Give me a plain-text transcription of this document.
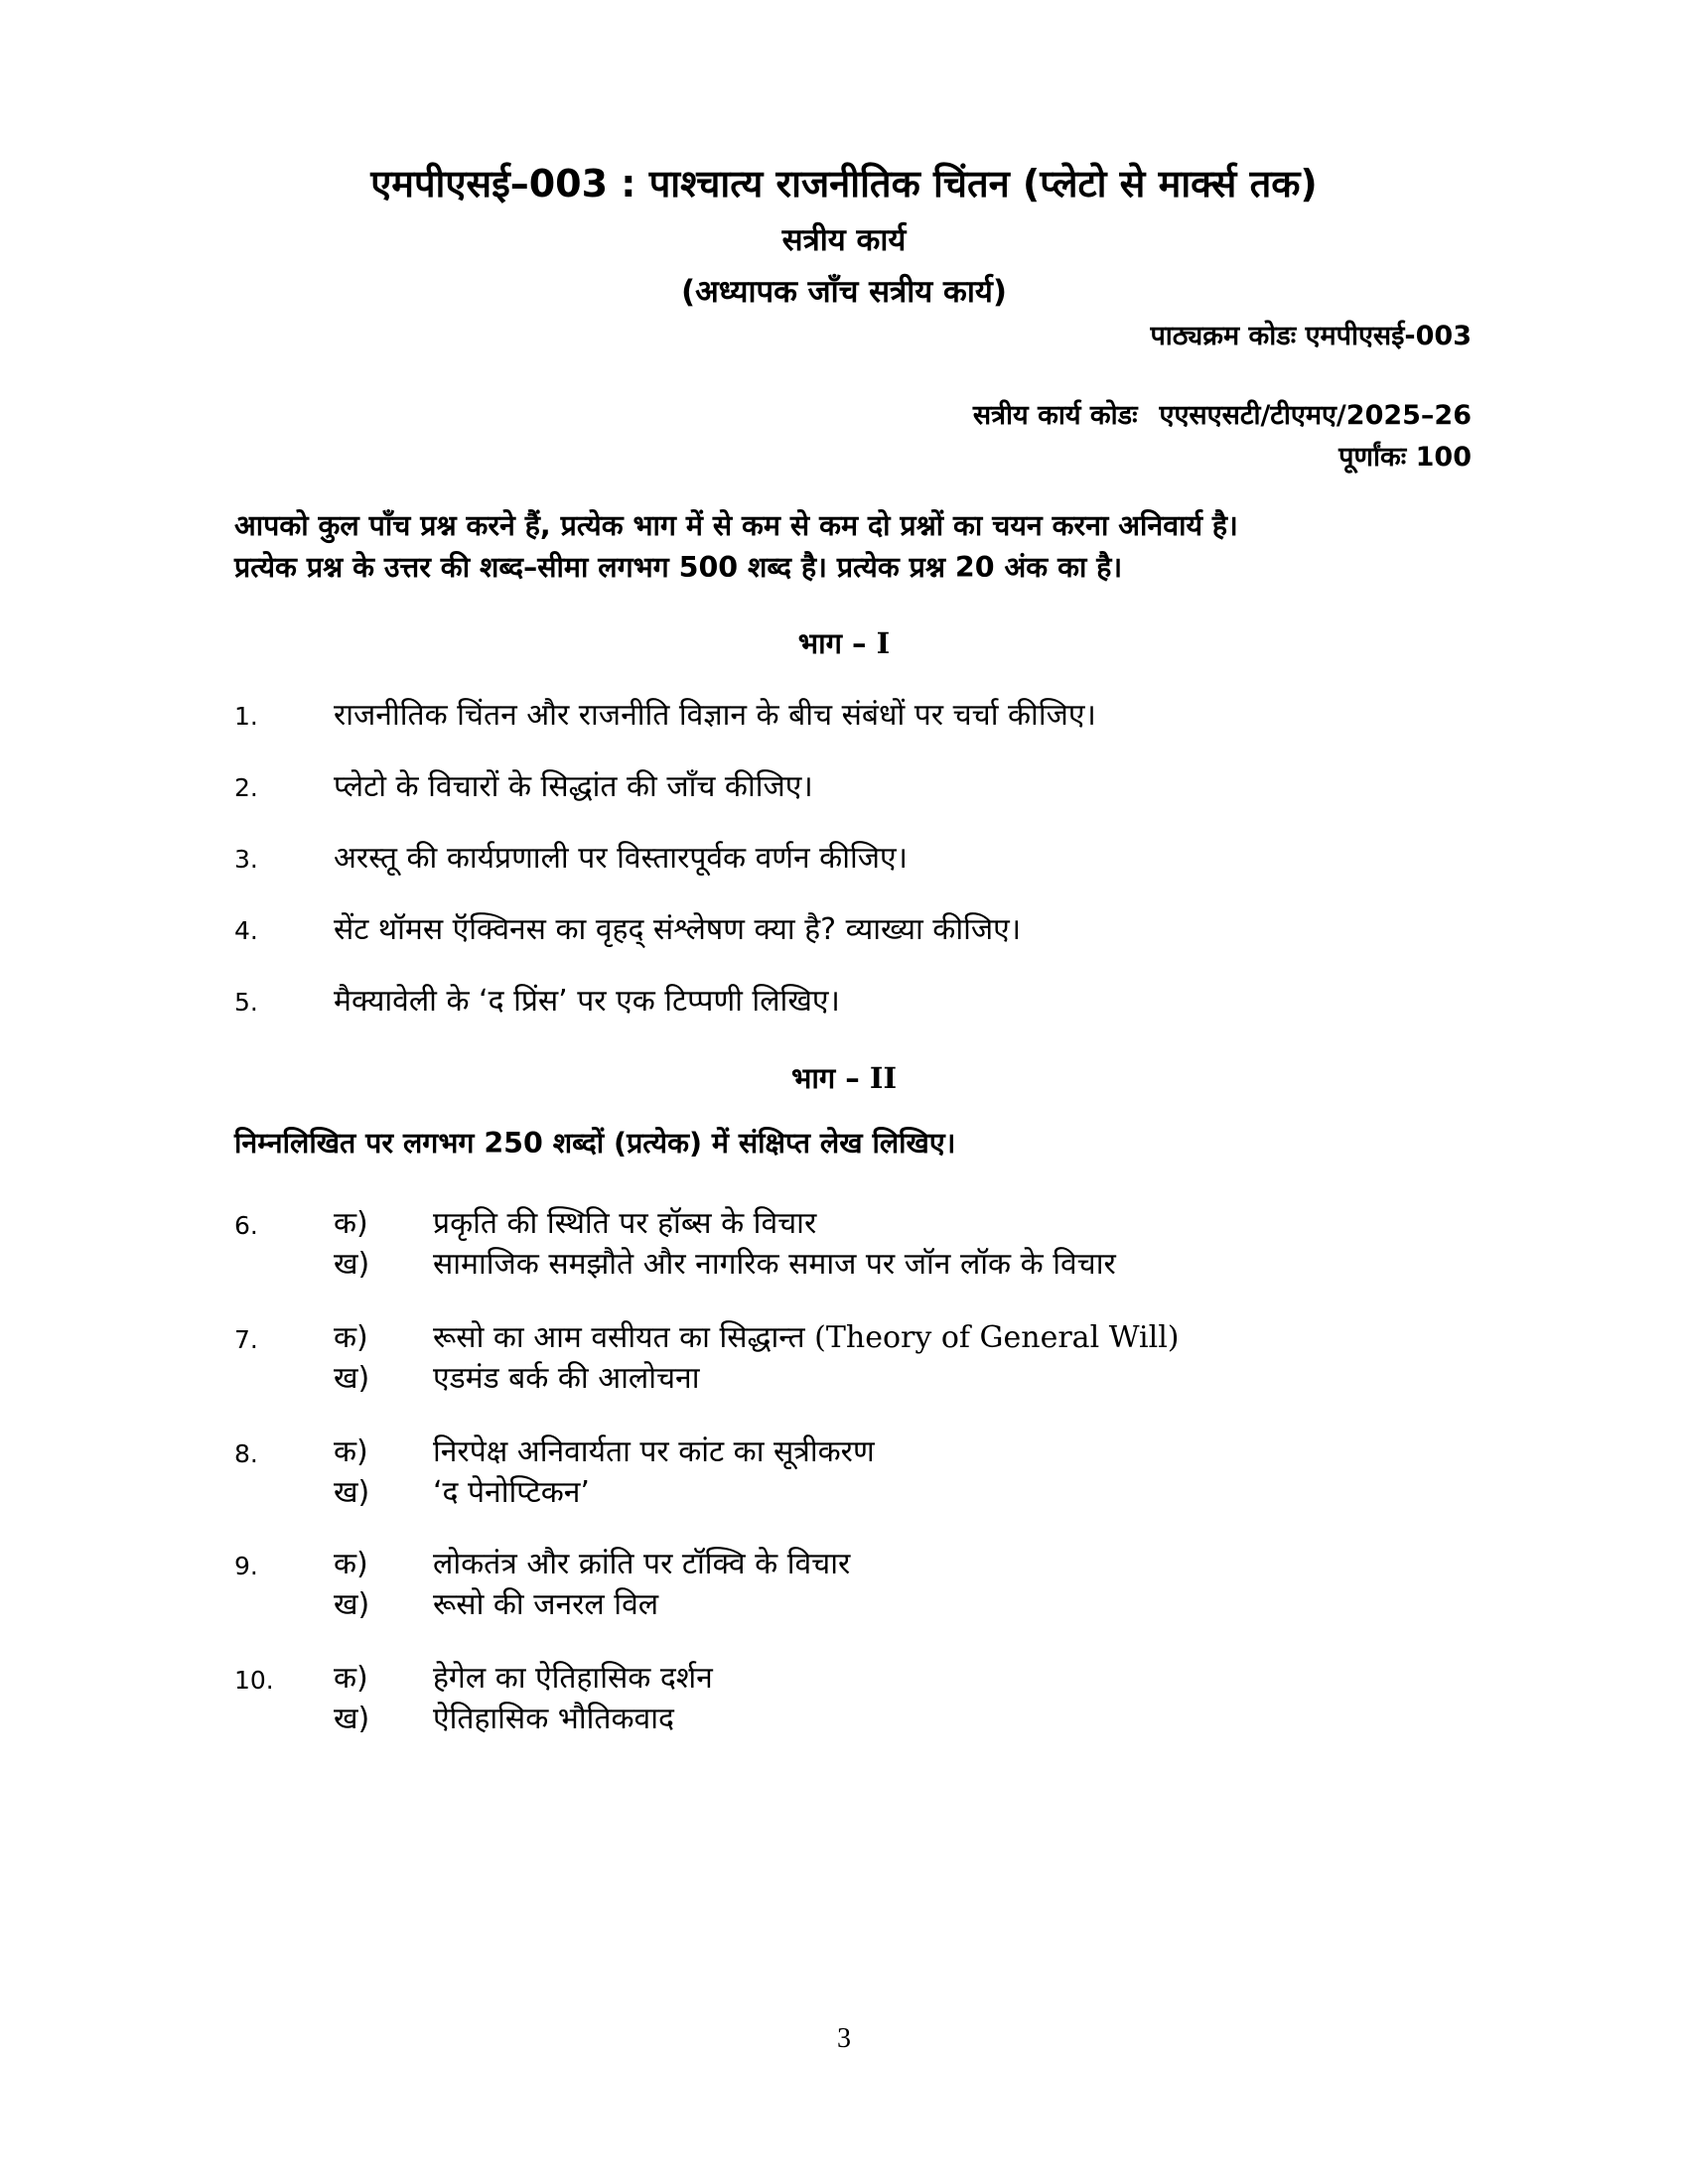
एमपीएसई–003 : पाश्चात्य राजनीतिक चिंतन (प्लेटो से मार्क्स तक)
सत्रीय कार्य
(अध्यापक जाँच सत्रीय कार्य)
पाठ्यक्रम कोडः एमपीएसई-003
सत्रीय कार्य कोडः एएसएसटी/टीएमए/2025–26
पूर्णांकः 100
आपको कुल पाँच प्रश्न करने हैं, प्रत्येक भाग में से कम से कम दो प्रश्नों का चयन करना अनिवार्य है।
प्रत्येक प्रश्न के उत्तर की शब्द–सीमा लगभग 500 शब्द है। प्रत्येक प्रश्न 20 अंक का है।
भाग – I
1.	राजनीतिक चिंतन और राजनीति विज्ञान के बीच संबंधों पर चर्चा कीजिए।
2.	प्लेटो के विचारों के सिद्धांत की जाँच कीजिए।
3.	अरस्तू की कार्यप्रणाली पर विस्तारपूर्वक वर्णन कीजिए।
4.	सेंट थॉमस ऍक्विनस का वृहद् संश्लेषण क्या है? व्याख्या कीजिए।
5.	मैक्यावेली के ‘द प्रिंस’ पर एक टिप्पणी लिखिए।
भाग – II
निम्नलिखित पर लगभग 250 शब्दों (प्रत्येक) में संक्षिप्त लेख लिखिए।
6.	क) प्रकृति की स्थिति पर हॉब्स के विचार
ख) सामाजिक समझौते और नागरिक समाज पर जॉन लॉक के विचार
7.	क) रूसो का आम वसीयत का सिद्धान्त (Theory of General Will)
ख) एडमंड बर्क की आलोचना
8.	क) निरपेक्ष अनिवार्यता पर कांट का सूत्रीकरण
ख) ‘द पेनोप्टिकन’
9.	क) लोकतंत्र और क्रांति पर टॉक्वि के विचार
ख) रूसो की जनरल विल
10. क) हेगेल का ऐतिहासिक दर्शन
ख) ऐतिहासिक भौतिकवाद
3
